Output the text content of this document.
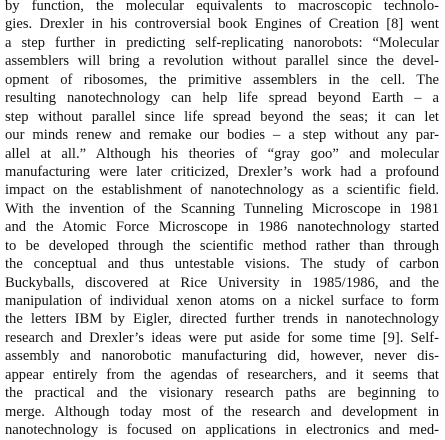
by function, the molecular equivalents to macroscopic technolo-
gies. Drexler in his controversial book Engines of Creation [8] went
a step further in predicting self-replicating nanorobots: “Molecular
assemblers will bring a revolution without parallel since the devel-
opment of ribosomes, the primitive assemblers in the cell. The
resulting nanotechnology can help life spread beyond Earth – a
step without parallel since life spread beyond the seas; it can let
our minds renew and remake our bodies – a step without any par-
allel at all.” Although his theories of “gray goo” and molecular
manufacturing were later criticized, Drexler’s work had a profound
impact on the establishment of nanotechnology as a scientific field.
With the invention of the Scanning Tunneling Microscope in 1981
and the Atomic Force Microscope in 1986 nanotechnology started
to be developed through the scientific method rather than through
the conceptual and thus untestable visions. The study of carbon
Buckyballs, discovered at Rice University in 1985/1986, and the
manipulation of individual xenon atoms on a nickel surface to form
the letters IBM by Eigler, directed further trends in nanotechnology
research and Drexler’s ideas were put aside for some time [9]. Self-
assembly and nanorobotic manufacturing did, however, never dis-
appear entirely from the agendas of researchers, and it seems that
the practical and the visionary research paths are beginning to
merge. Although today most of the research and development in
nanotechnology is focused on applications in electronics and med-
